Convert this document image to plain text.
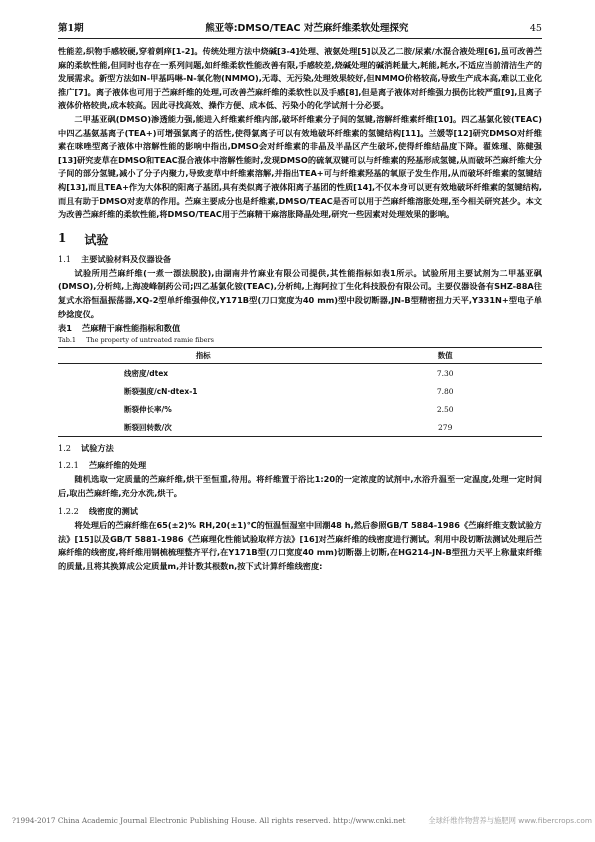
第1期	熊亚等:DMSO/TEAC 对苎麻纤维柔软处理探究	45

性能差,织物手感较硬,穿着刺痒[1-2]。传统处理方法中烧碱[3-4]处理、液氨处理[5]以及乙二胺/尿素/水混合液处理[6],虽可改善苎麻的柔软性能,但同时也存在一系列问题,如纤维柔软性能改善有限,手感较差,烧碱处理的碱消耗量大,耗能,耗水,不适应当前清洁生产的发展需求。新型方法如N-甲基吗啉-N-氧化物(NMMO),无毒、无污染,处理效果较好,但NMMO价格较高,导致生产成本高,难以工业化推广[7]。离子液体也可用于苎麻纤维的处理,可改善苎麻纤维的柔软性以及手感[8],但是离子液体对纤维强力损伤比较严重[9],且离子液体价格较贵,成本较高。因此寻找高效、操作方便、成本低、污染小的化学试剂十分必要。

二甲基亚砜(DMSO)渗透能力强,能进入纤维素纤维内部,破坏纤维素分子间的氢键,溶解纤维素纤维[10]。四乙基氯化铵(TEAC)中四乙基氨基离子(TEA+)可增强氯离子的活性,使得氯离子可以有效地破坏纤维素的氢键结构[11]。兰媛等[12]研究DMSO对纤维素在咪唑型离子液体中溶解性能的影响中指出,DMSO会对纤维素的非晶及半晶区产生破坏,使得纤维结晶度下降。翟姝瑾、陈健强[13]研究麦草在DMSO和TEAC混合液体中溶解性能时,发现DMSO的硫氧双键可以与纤维素的羟基形成氢键,从而破坏苎麻纤维大分子间的部分氢键,减小了分子内聚力,导致麦草中纤维素溶解,并指出TEA+可与纤维素羟基的氧原子发生作用,从而破坏纤维素的氢键结构[13],而且TEA+作为大体积的阳离子基团,具有类似离子液体阳离子基团的性质[14],不仅本身可以更有效地破坏纤维素的氢键结构,而且有助于DMSO对麦草的作用。苎麻主要成分也是纤维素,DMSO/TEAC是否可以用于苎麻纤维溶胀处理,至今相关研究甚少。本文为改善苎麻纤维的柔软性能,将DMSO/TEAC用于苎麻精干麻溶胀降晶处理,研究一些因素对处理效果的影响。

1 试验
1.1 主要试验材料及仪器设备

试验所用苎麻纤维(一煮一漂法脱胶),由湖南井竹麻业有限公司提供,其性能指标如表1所示。试验所用主要试剂为二甲基亚砜(DMSO),分析纯,上海凌峰制药公司;四乙基氯化铵(TEAC),分析纯,上海阿拉丁生化科技股份有限公司。主要仪器设备有SHZ-88A往复式水浴恒温振荡器,XQ-2型单纤维强伸仪,Y171B型(刀口宽度为40 mm)型中段切断器,JN-B型精密扭力天平,Y331N+型电子单纱捻度仪。

表1 苎麻精干麻性能指标和数值
Tab.1 The property of untreated ramie fibers
指标	数值
线密度/dtex	7.30
断裂强度/cN·dtex-1	7.80
断裂伸长率/%	2.50
断裂回转数/次	279
1.2 试验方法
1.2.1 苎麻纤维的处理

随机选取一定质量的苎麻纤维,烘干至恒重,待用。将纤维置于浴比1:20的一定浓度的试剂中,水浴升温至一定温度,处理一定时间后,取出苎麻纤维,充分水洗,烘干。

1.2.2 线密度的测试

将处理后的苎麻纤维在65(±2)% RH,20(±1)℃的恒温恒湿室中回潮48 h,然后参照GB/T 5884-1986《苎麻纤维支数试验方法》[15]以及GB/T 5881-1986《苎麻理化性能试验取样方法》[16]对苎麻纤维的线密度进行测试。利用中段切断法测试处理后苎麻纤维的线密度,将纤维用钢梳梳理整齐平行,在Y171B型(刀口宽度40 mm)切断器上切断,在HG214-JN-B型扭力天平上称量束纤维的质量,且将其换算成公定质量m,并计数其根数n,按下式计算纤维线密度:

?1994-2017 China Academic Journal Electronic Publishing House. All rights reserved. http://www.cnki.net	全球纤维作物营养与施肥网 www.fibercrops.com
